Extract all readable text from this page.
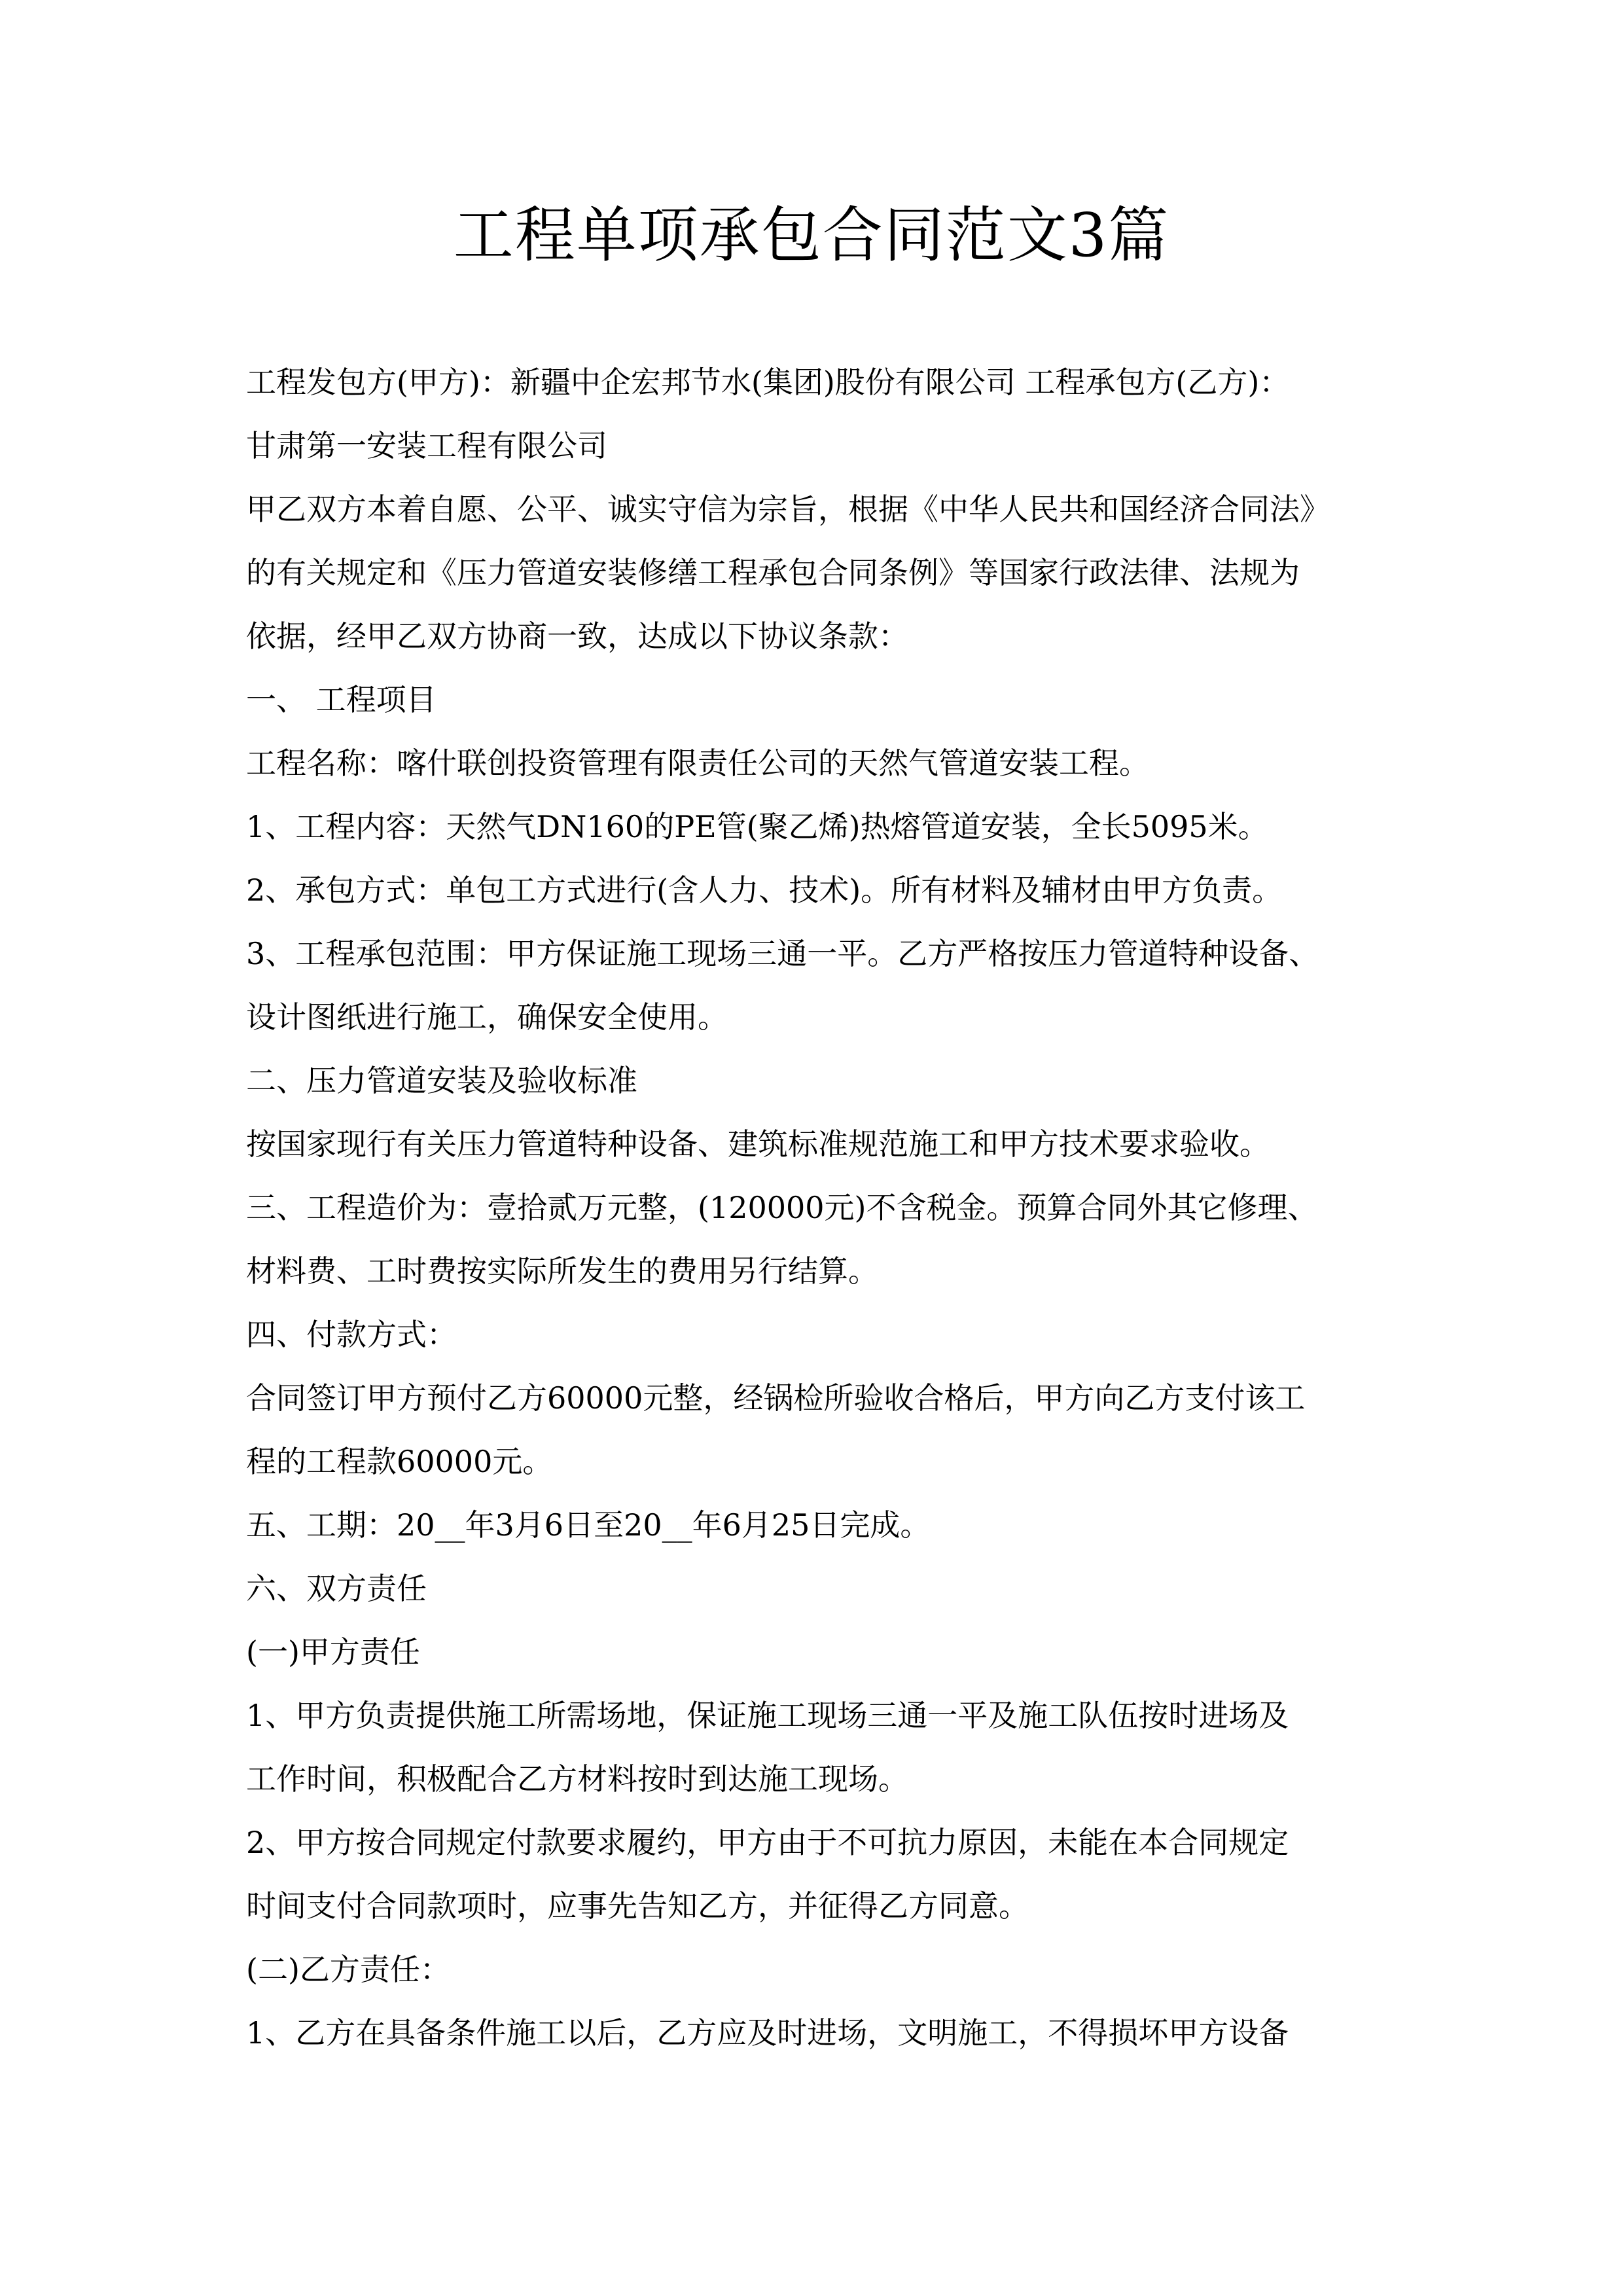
工程单项承包合同范文3篇
工程发包方(甲方)：新疆中企宏邦节水(集团)股份有限公司 工程承包方(乙方)：
甘肃第一安装工程有限公司
甲乙双方本着自愿、公平、诚实守信为宗旨，根据《中华人民共和国经济合同法》
的有关规定和《压力管道安装修缮工程承包合同条例》等国家行政法律、法规为
依据，经甲乙双方协商一致，达成以下协议条款：
一、 工程项目
工程名称：喀什联创投资管理有限责任公司的天然气管道安装工程。
1、工程内容：天然气DN160的PE管(聚乙烯)热熔管道安装，全长5095米。
2、承包方式：单包工方式进行(含人力、技术)。所有材料及辅材由甲方负责。
3、工程承包范围：甲方保证施工现场三通一平。乙方严格按压力管道特种设备、
设计图纸进行施工，确保安全使用。
二、压力管道安装及验收标准
按国家现行有关压力管道特种设备、建筑标准规范施工和甲方技术要求验收。
三、工程造价为：壹拾贰万元整，(120000元)不含税金。预算合同外其它修理、
材料费、工时费按实际所发生的费用另行结算。
四、付款方式：
合同签订甲方预付乙方60000元整，经锅检所验收合格后，甲方向乙方支付该工
程的工程款60000元。
五、工期：20__年3月6日至20__年6月25日完成。
六、双方责任
(一)甲方责任
1、甲方负责提供施工所需场地，保证施工现场三通一平及施工队伍按时进场及
工作时间，积极配合乙方材料按时到达施工现场。
2、甲方按合同规定付款要求履约，甲方由于不可抗力原因，未能在本合同规定
时间支付合同款项时，应事先告知乙方，并征得乙方同意。
(二)乙方责任：
1、乙方在具备条件施工以后，乙方应及时进场，文明施工，不得损坏甲方设备
